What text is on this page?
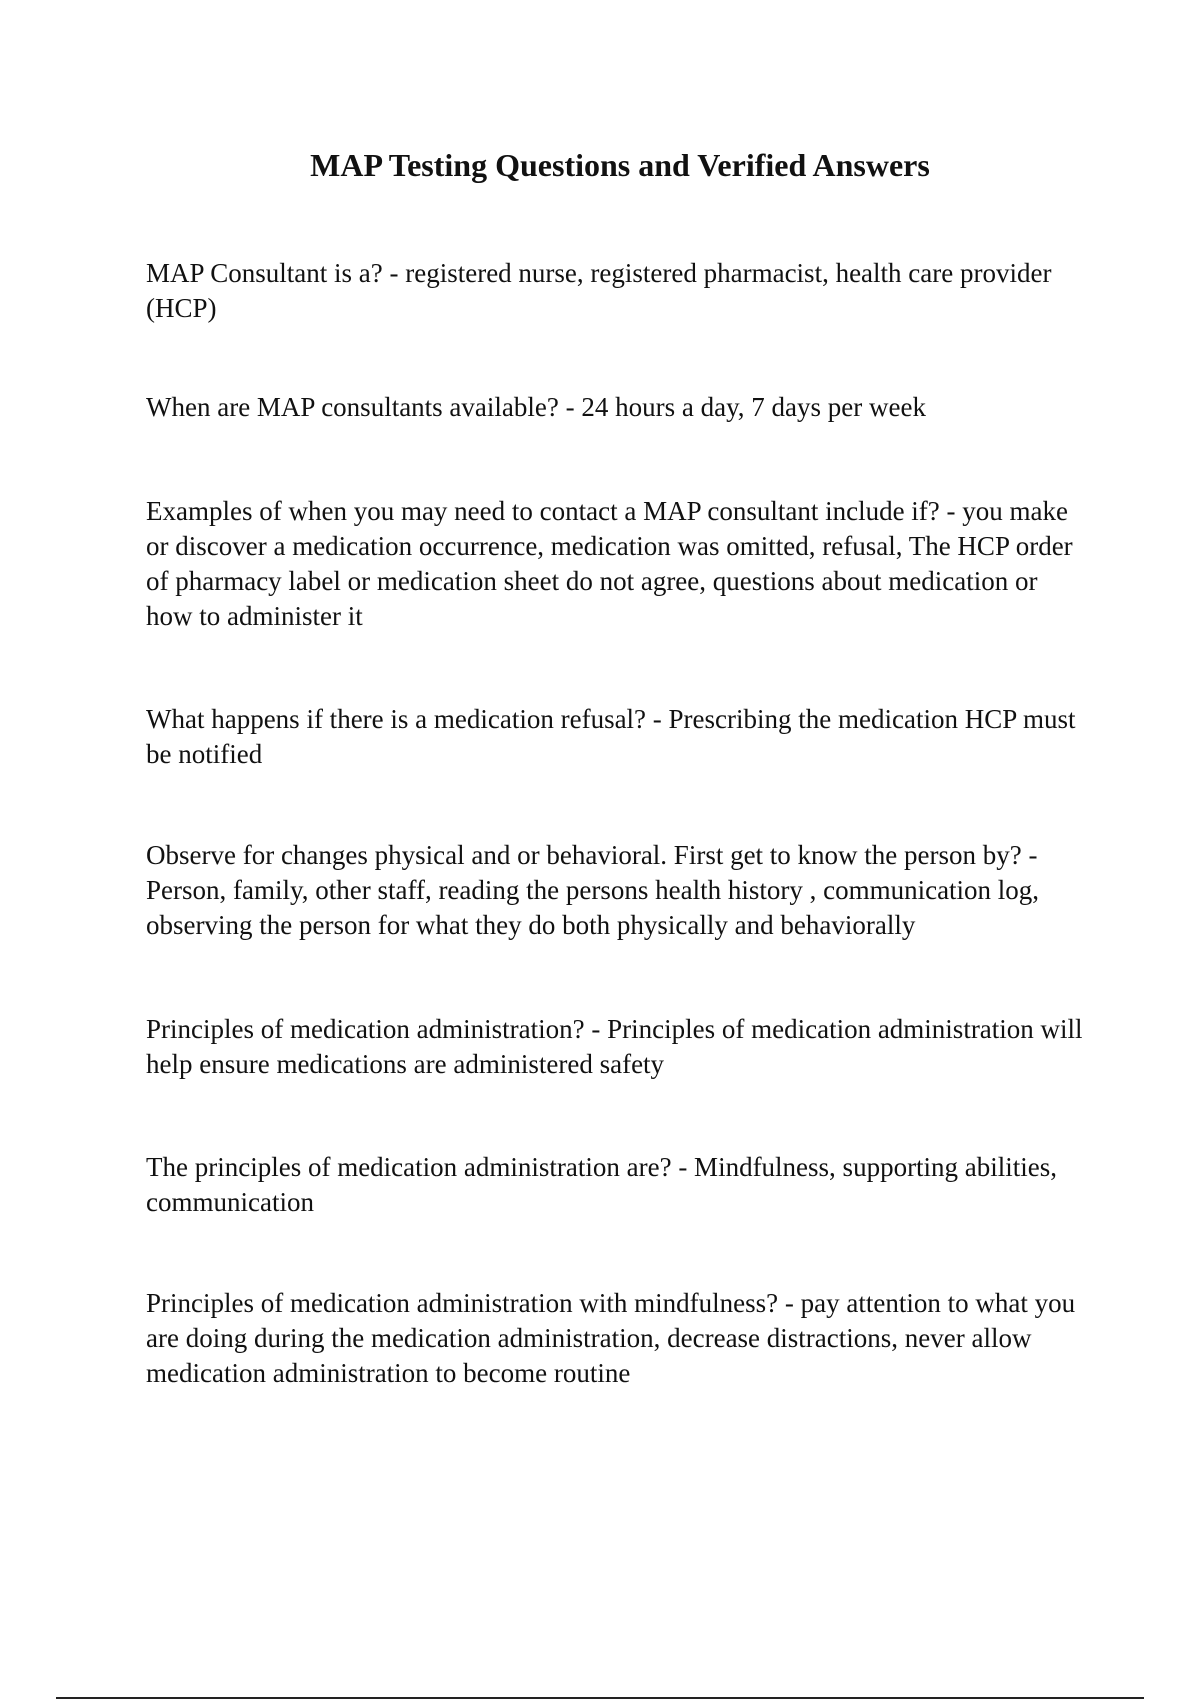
MAP Testing Questions and Verified Answers

MAP Consultant is a? - registered nurse, registered pharmacist, health care provider (HCP)

When are MAP consultants available? - 24 hours a day, 7 days per week

Examples of when you may need to contact a MAP consultant include if? - you make or discover a medication occurrence, medication was omitted, refusal, The HCP order of pharmacy label or medication sheet do not agree, questions about medication or how to administer it

What happens if there is a medication refusal? - Prescribing the medication HCP must be notified

Observe for changes physical and or behavioral. First get to know the person by? - Person, family, other staff, reading the persons health history , communication log, observing the person for what they do both physically and behaviorally

Principles of medication administration? - Principles of medication administration will help ensure medications are administered safety

The principles of medication administration are? - Mindfulness, supporting abilities, communication

Principles of medication administration with mindfulness? - pay attention to what you are doing during the medication administration, decrease distractions, never allow medication administration to become routine
